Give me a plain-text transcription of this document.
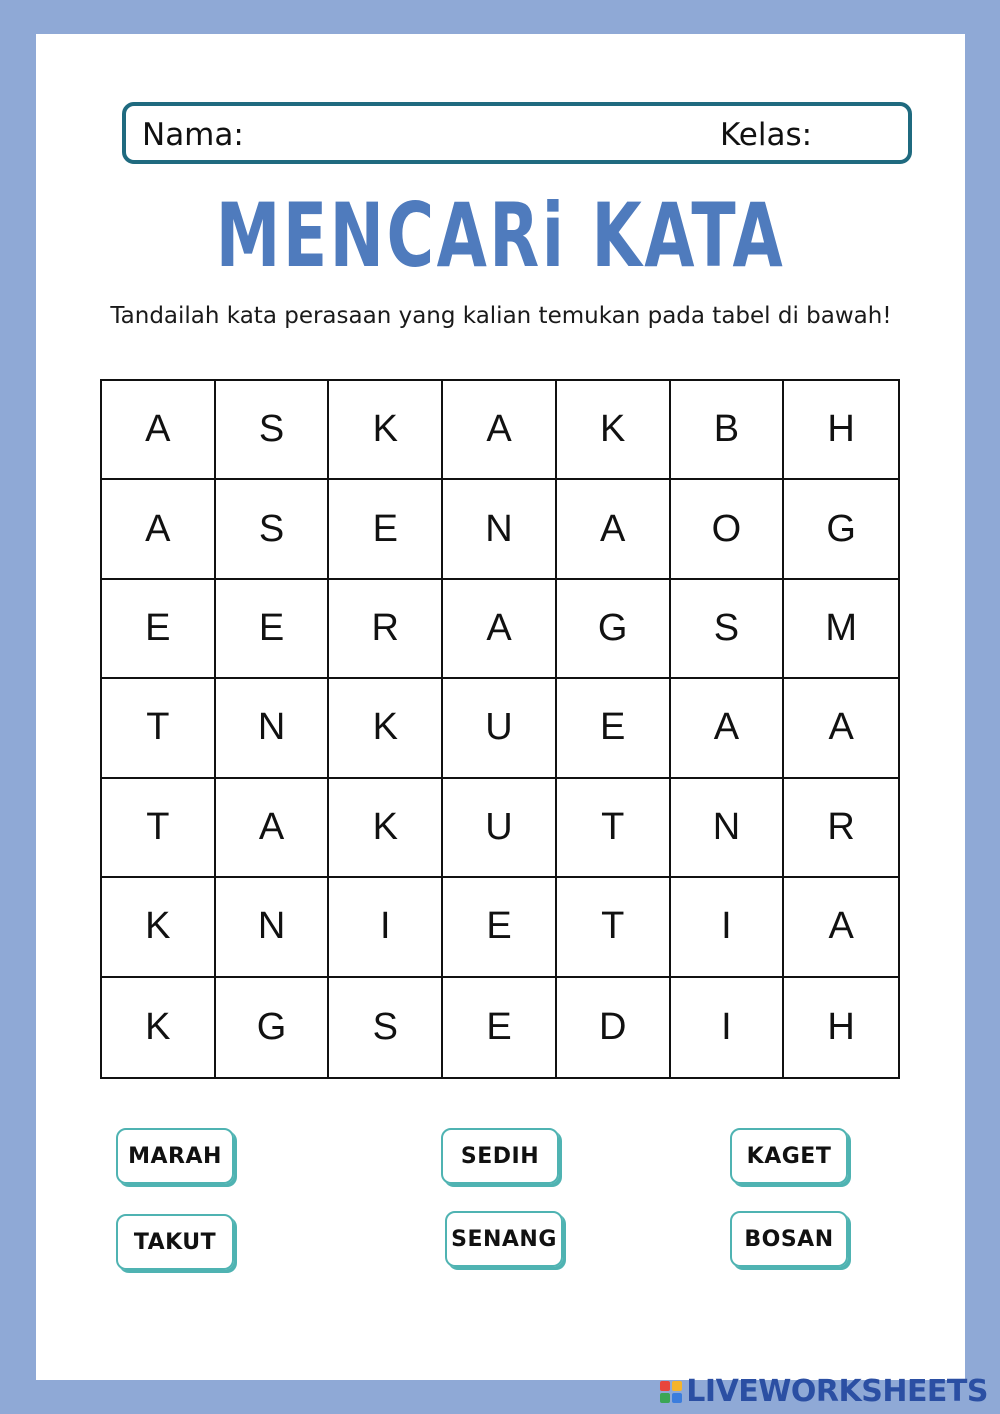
Nama:	Kelas:
MENCARi KATA
Tandailah kata perasaan yang kalian temukan pada tabel di bawah!
A	S	K	A	K	B	H
A	S	E	N	A	O	G
E	E	R	A	G	S	M
T	N	K	U	E	A	A
T	A	K	U	T	N	R
K	N	I	E	T	I	A
K	G	S	E	D	I	H
MARAH	SEDIH	KAGET
TAKUT	SENANG	BOSAN
LIVEWORKSHEETS
